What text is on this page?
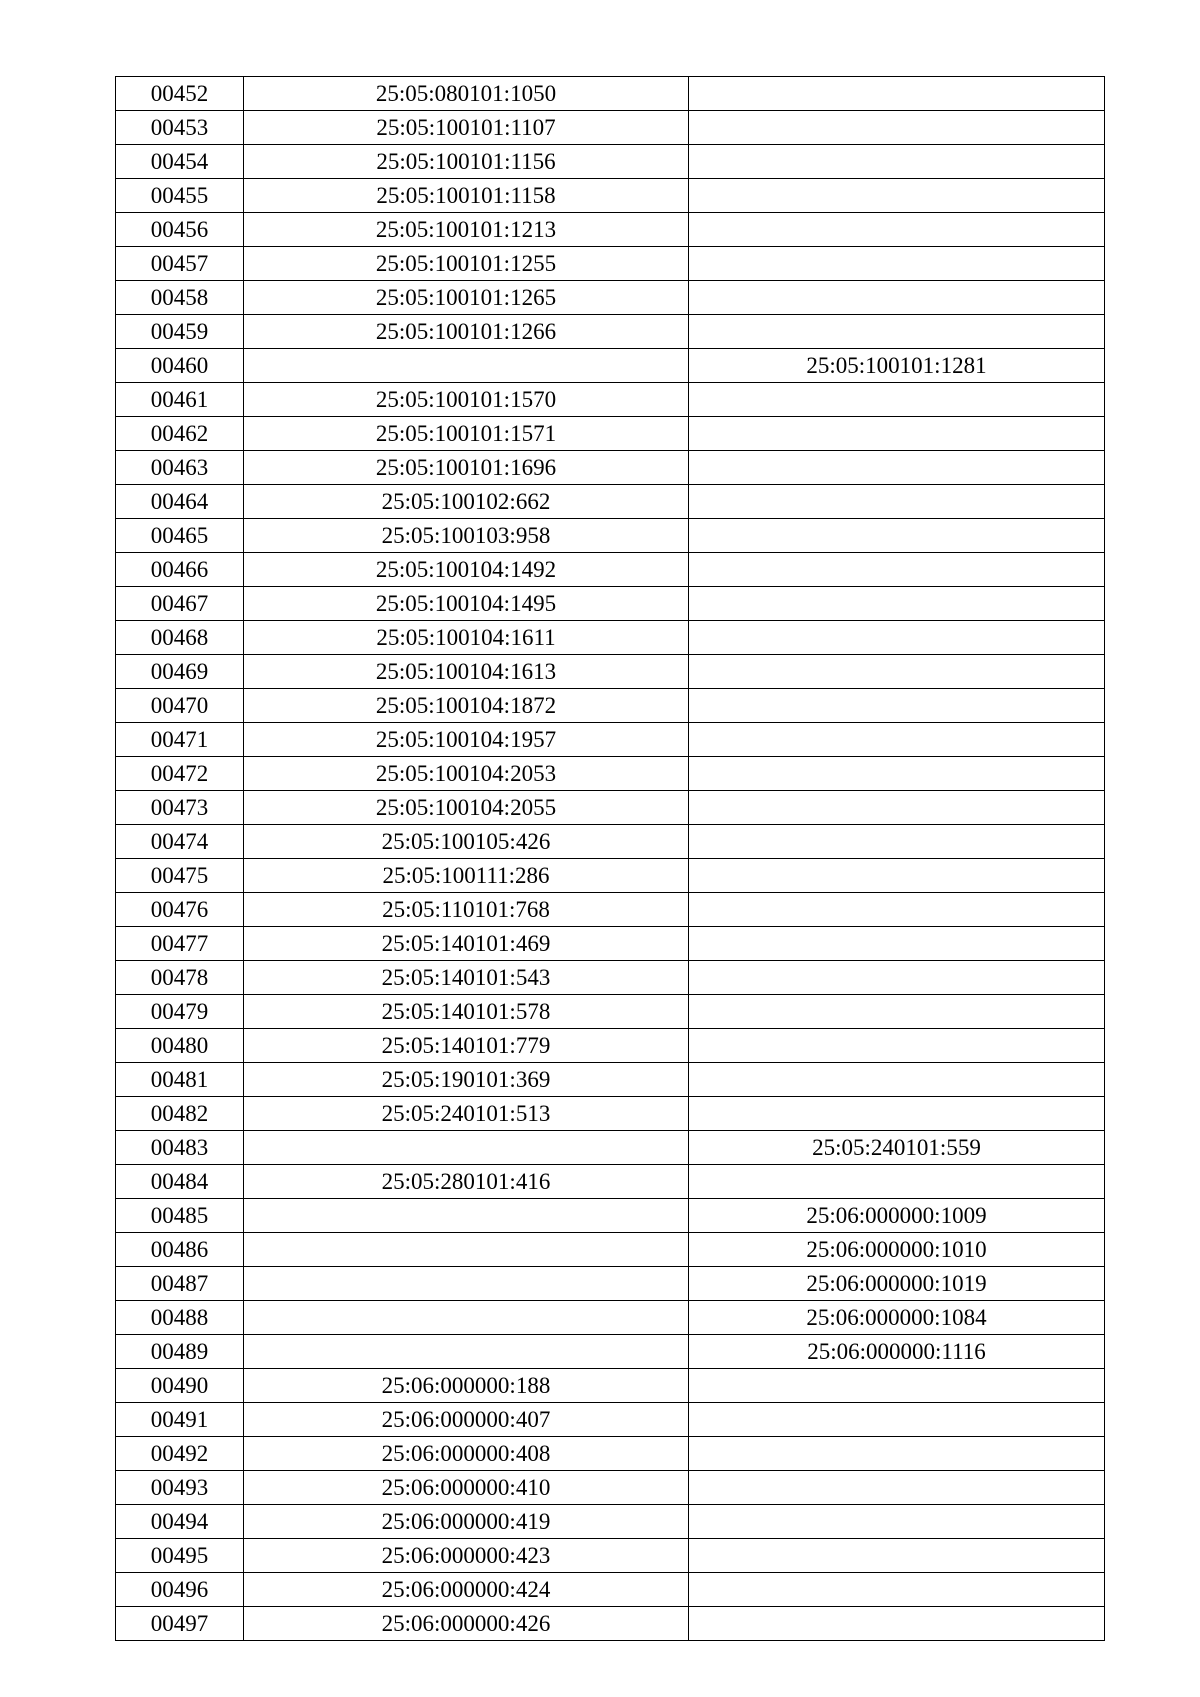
00452	25:05:080101:1050	
00453	25:05:100101:1107	
00454	25:05:100101:1156	
00455	25:05:100101:1158	
00456	25:05:100101:1213	
00457	25:05:100101:1255	
00458	25:05:100101:1265	
00459	25:05:100101:1266	
00460		25:05:100101:1281
00461	25:05:100101:1570	
00462	25:05:100101:1571	
00463	25:05:100101:1696	
00464	25:05:100102:662	
00465	25:05:100103:958	
00466	25:05:100104:1492	
00467	25:05:100104:1495	
00468	25:05:100104:1611	
00469	25:05:100104:1613	
00470	25:05:100104:1872	
00471	25:05:100104:1957	
00472	25:05:100104:2053	
00473	25:05:100104:2055	
00474	25:05:100105:426	
00475	25:05:100111:286	
00476	25:05:110101:768	
00477	25:05:140101:469	
00478	25:05:140101:543	
00479	25:05:140101:578	
00480	25:05:140101:779	
00481	25:05:190101:369	
00482	25:05:240101:513	
00483		25:05:240101:559
00484	25:05:280101:416	
00485		25:06:000000:1009
00486		25:06:000000:1010
00487		25:06:000000:1019
00488		25:06:000000:1084
00489		25:06:000000:1116
00490	25:06:000000:188	
00491	25:06:000000:407	
00492	25:06:000000:408	
00493	25:06:000000:410	
00494	25:06:000000:419	
00495	25:06:000000:423	
00496	25:06:000000:424	
00497	25:06:000000:426	
